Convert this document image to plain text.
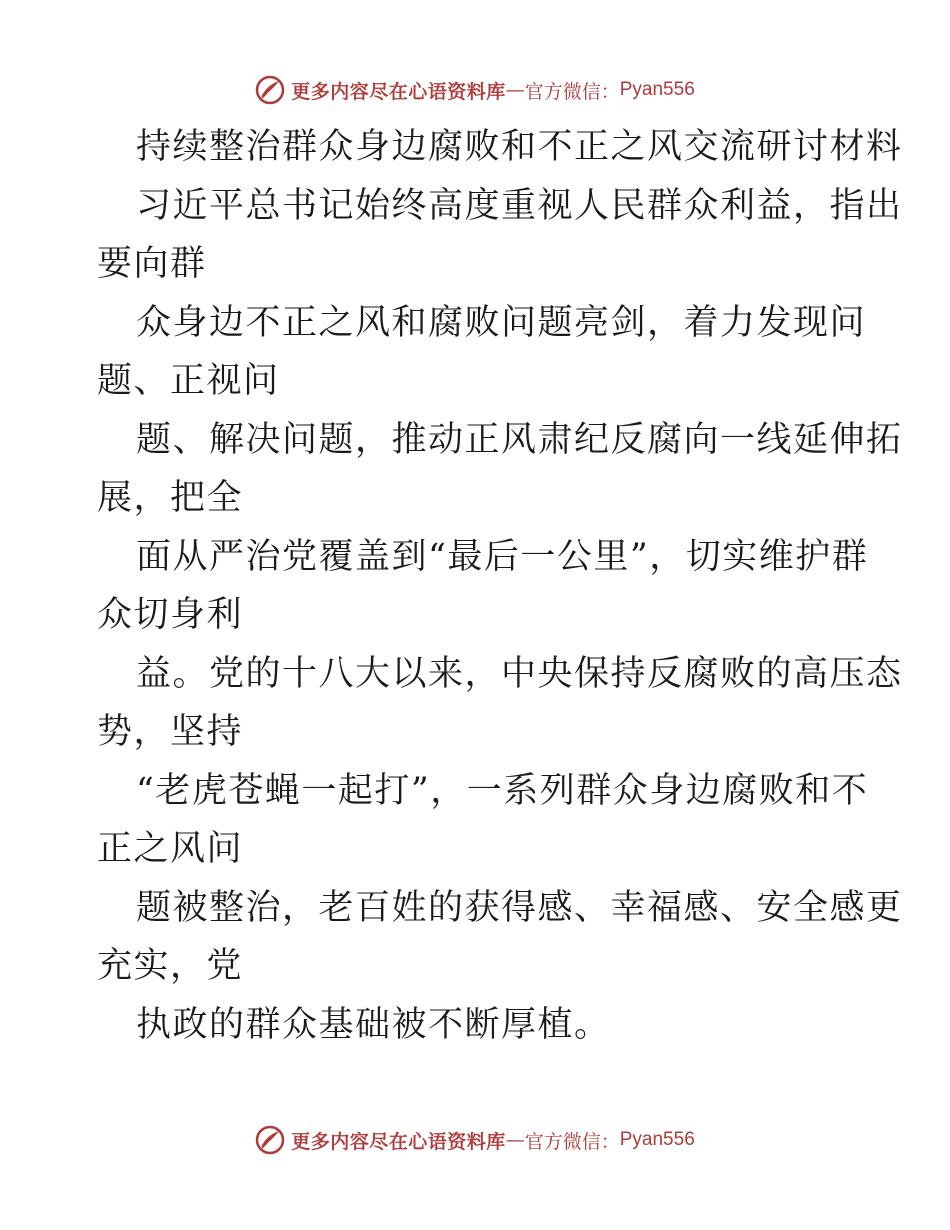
更多内容尽在心语资料库 — 官方微信： Pyan556
持续整治群众身边腐败和不正之风交流研讨材料
习近平总书记始终高度重视人民群众利益，指出
要向群
众身边不正之风和腐败问题亮剑，着力发现问
题、正视问
题、解决问题，推动正风肃纪反腐向一线延伸拓
展，把全
面从严治党覆盖到“最后一公里”，切实维护群
众切身利
益。党的十八大以来，中央保持反腐败的高压态
势，坚持
“老虎苍蝇一起打”，一系列群众身边腐败和不
正之风问
题被整治，老百姓的获得感、幸福感、安全感更
充实，党
执政的群众基础被不断厚植。
更多内容尽在心语资料库 — 官方微信： Pyan556
